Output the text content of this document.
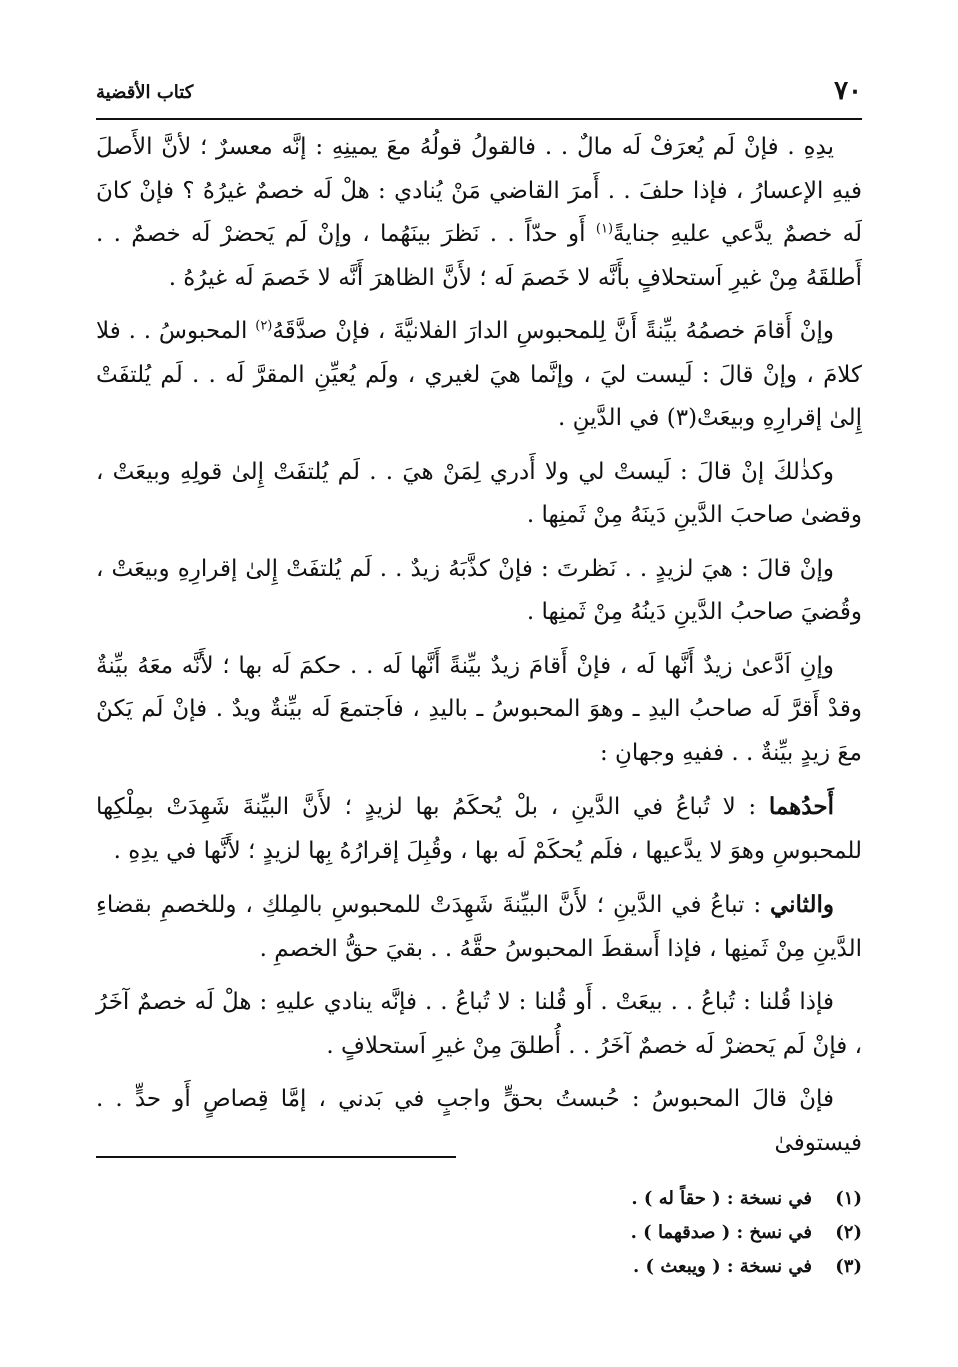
٧٠
كتاب الأقضية

يدِهِ . فإنْ لَم يُعرَفْ لَه مالٌ . . فالقولُ قولُهُ معَ يمينِهِ : إنَّه معسرٌ ؛ لأنَّ الأَصلَ فيهِ الإعسارُ ، فإذا حلفَ . . أَمرَ القاضي مَنْ يُنادي : هلْ لَه خصمٌ غيرُهُ ؟ فإنْ كانَ لَه خصمٌ يدَّعي عليهِ جنايةً$^{(١)}$ أَو حدّاً . . نَظرَ بينَهُما ، وإنْ لَم يَحضرْ لَه خصمٌ . . أَطلقَهُ مِنْ غيرِ اَستحلافٍ بأَنَّه لا خَصمَ لَه ؛ لأَنَّ الظاهرَ أَنَّه لا خَصمَ لَه غيرُهُ .

وإنْ أَقامَ خصمُهُ بيِّنةً أَنَّ لِلمحبوسِ الدارَ الفلانيَّةَ ، فإنْ صدَّقَهُ$^{(٢)}$ المحبوسُ . . فلا كلامَ ، وإنْ قالَ : لَيست ليَ ، وإنَّما هيَ لغيري ، ولَم يُعيِّنِ المقرَّ لَه . . لَم يُلتفَتْ إِلىٰ إقرارِهِ وبيعَتْ(٣) في الدَّينِ .

وكذٰلكَ إنْ قالَ : لَيستْ لي ولا أَدري لِمَنْ هيَ . . لَم يُلتفَتْ إِلىٰ قولِهِ وبيعَتْ ، وقضىٰ صاحبَ الدَّينِ دَينَهُ مِنْ ثَمنِها .

وإنْ قالَ : هيَ لزيدٍ . . نَظرتَ : فإنْ كذَّبَهُ زيدٌ . . لَم يُلتفَتْ إِلىٰ إقرارِهِ وبيعَتْ ، وقُضيَ صاحبُ الدَّينِ دَينُهُ مِنْ ثَمنِها .

وإنِ اَدَّعىٰ زيدٌ أَنَّها لَه ، فإنْ أَقامَ زيدٌ بيِّنةً أَنَّها لَه . . حكمَ لَه بها ؛ لأَنَّه معَهُ بيِّنةٌ وقدْ أَقرَّ لَه صاحبُ اليدِ ـ وهوَ المحبوسُ ـ باليدِ ، فاَجتمعَ لَه بيِّنةٌ ويدٌ . فإنْ لَم يَكنْ معَ زيدٍ بيِّنةٌ . . ففيهِ وجهانِ :

أَحدُهما : لا تُباعُ في الدَّينِ ، بلْ يُحكَمُ بها لزيدٍ ؛ لأَنَّ البيِّنةَ شَهِدَتْ بمِلْكِها للمحبوسِ وهوَ لا يدَّعيها ، فلَم يُحكَمْ لَه بها ، وقُبِلَ إقرارُهُ بِها لزيدٍ ؛ لأَنَّها في يدِهِ .

والثاني : تباعُ في الدَّينِ ؛ لأَنَّ البيِّنةَ شَهِدَتْ للمحبوسِ بالمِلكِ ، وللخصمِ بقضاءِ الدَّينِ مِنْ ثَمنِها ، فإذا أَسقطَ المحبوسُ حقَّهُ . . بقيَ حقُّ الخصمِ .

فإذا قُلنا : تُباعُ . . بيعَتْ . أَو قُلنا : لا تُباعُ . . فإنَّه ينادي عليهِ : هلْ لَه خصمٌ آخَرُ ، فإنْ لَم يَحضرْ لَه خصمٌ آخَرُ . . أُطلقَ مِنْ غيرِ اَستحلافٍ .

فإنْ قالَ المحبوسُ : حُبستُ بحقٍّ واجبٍ في بَدني ، إمَّا قِصاصٍ أَو حدٍّ . . فيستوفىٰ

(١)
في نسخة : ( حقاً له ) .
(٢)
في نسخ : ( صدقهما ) .
(٣)
في نسخة : ( ويبعث ) .
